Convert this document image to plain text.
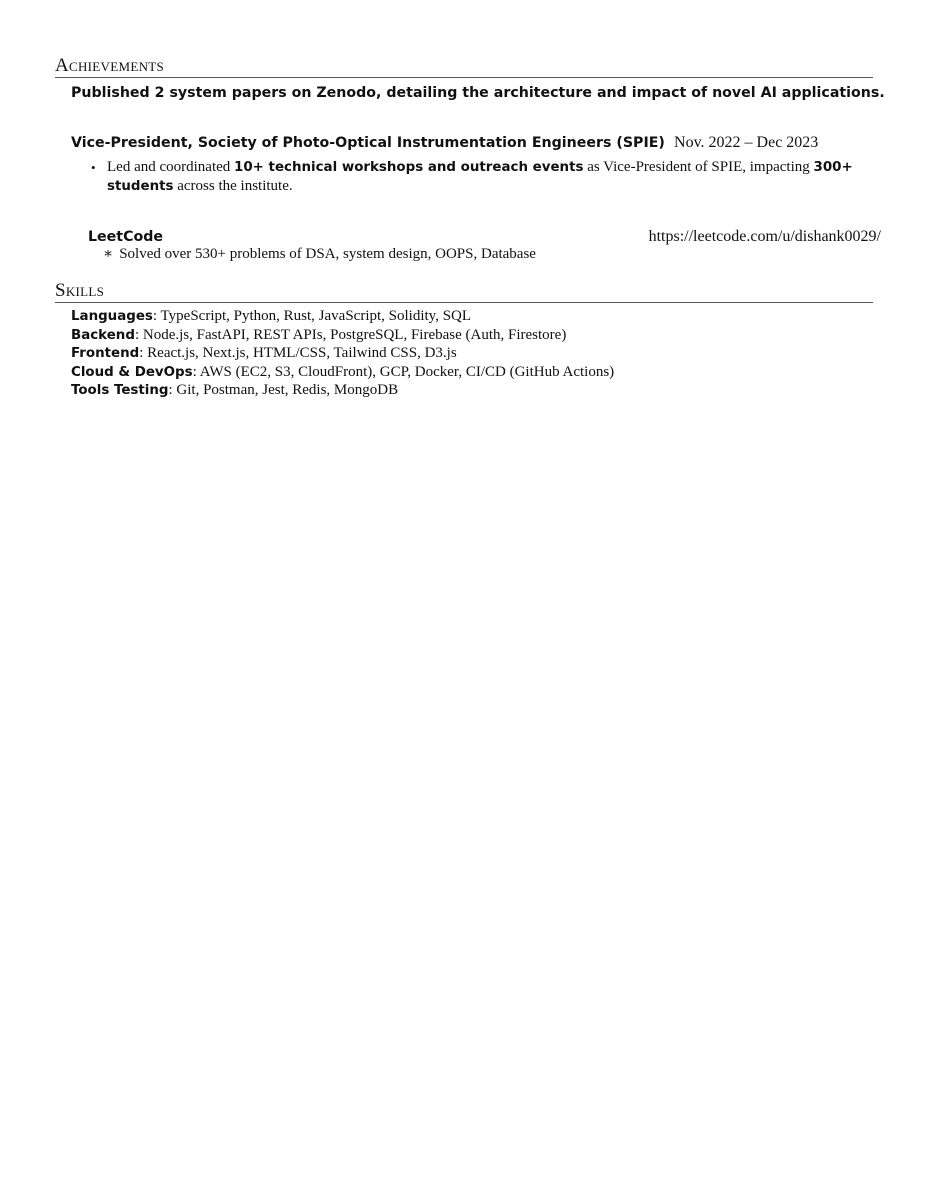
Achievements
Published 2 system papers on Zenodo, detailing the architecture and impact of novel AI applications.
Vice-President, Society of Photo-Optical Instrumentation Engineers (SPIE) Nov. 2022 – Dec 2023
• Led and coordinated 10+ technical workshops and outreach events as Vice-President of SPIE, impacting 300+ students across the institute.
LeetCode	https://leetcode.com/u/dishank0029/
∗ Solved over 530+ problems of DSA, system design, OOPS, Database
Skills
Languages: TypeScript, Python, Rust, JavaScript, Solidity, SQL
Backend: Node.js, FastAPI, REST APIs, PostgreSQL, Firebase (Auth, Firestore)
Frontend: React.js, Next.js, HTML/CSS, Tailwind CSS, D3.js
Cloud & DevOps: AWS (EC2, S3, CloudFront), GCP, Docker, CI/CD (GitHub Actions)
Tools Testing: Git, Postman, Jest, Redis, MongoDB
